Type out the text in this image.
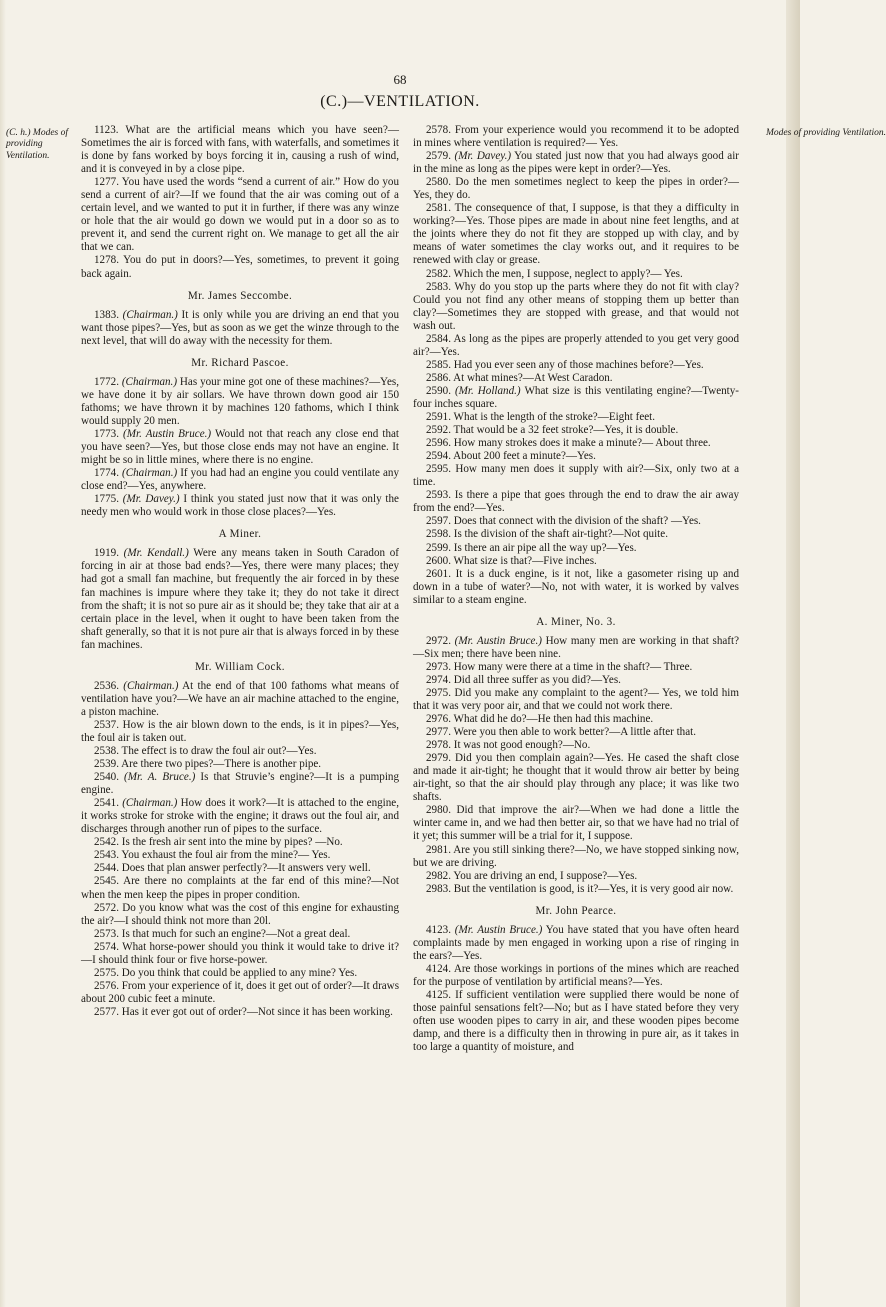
68
(C.)—VENTILATION.
(C. h.) Modes of providing Ventilation.
Modes of providing Ventilation.

1123. What are the artificial means which you have seen?—Sometimes the air is forced with fans, with waterfalls, and sometimes it is done by fans worked by boys forcing it in, causing a rush of wind, and it is conveyed in by a close pipe.

1277. You have used the words “send a current of air.” How do you send a current of air?—If we found that the air was coming out of a certain level, and we wanted to put it in further, if there was any winze or hole that the air would go down we would put in a door so as to prevent it, and send the current right on. We manage to get all the air that we can.

1278. You do put in doors?—Yes, sometimes, to prevent it going back again.

Mr. James Seccombe.

1383. (Chairman.) It is only while you are driving an end that you want those pipes?—Yes, but as soon as we get the winze through to the next level, that will do away with the necessity for them.

Mr. Richard Pascoe.

1772. (Chairman.) Has your mine got one of these machines?—Yes, we have done it by air sollars. We have thrown down good air 150 fathoms; we have thrown it by machines 120 fathoms, which I think would supply 20 men.

1773. (Mr. Austin Bruce.) Would not that reach any close end that you have seen?—Yes, but those close ends may not have an engine. It might be so in little mines, where there is no engine.

1774. (Chairman.) If you had had an engine you could ventilate any close end?—Yes, anywhere.

1775. (Mr. Davey.) I think you stated just now that it was only the needy men who would work in those close places?—Yes.

A Miner.

1919. (Mr. Kendall.) Were any means taken in South Caradon of forcing in air at those bad ends?—Yes, there were many places; they had got a small fan machine, but frequently the air forced in by these fan machines is impure where they take it; they do not take it direct from the shaft; it is not so pure air as it should be; they take that air at a certain place in the level, when it ought to have been taken from the shaft generally, so that it is not pure air that is always forced in by these fan machines.

Mr. William Cock.

2536. (Chairman.) At the end of that 100 fathoms what means of ventilation have you?—We have an air machine attached to the engine, a piston machine.

2537. How is the air blown down to the ends, is it in pipes?—Yes, the foul air is taken out.

2538. The effect is to draw the foul air out?—Yes.

2539. Are there two pipes?—There is another pipe.

2540. (Mr. A. Bruce.) Is that Struvie’s engine?—It is a pumping engine.

2541. (Chairman.) How does it work?—It is attached to the engine, it works stroke for stroke with the engine; it draws out the foul air, and discharges through another run of pipes to the surface.

2542. Is the fresh air sent into the mine by pipes? —No.

2543. You exhaust the foul air from the mine?— Yes.

2544. Does that plan answer perfectly?—It answers very well.

2545. Are there no complaints at the far end of this mine?—Not when the men keep the pipes in proper condition.

2572. Do you know what was the cost of this engine for exhausting the air?—I should think not more than 20l.

2573. Is that much for such an engine?—Not a great deal.

2574. What horse-power should you think it would take to drive it?—I should think four or five horse-power.

2575. Do you think that could be applied to any mine? Yes.

2576. From your experience of it, does it get out of order?—It draws about 200 cubic feet a minute.

2577. Has it ever got out of order?—Not since it has been working.

2578. From your experience would you recommend it to be adopted in mines where ventilation is required?— Yes.

2579. (Mr. Davey.) You stated just now that you had always good air in the mine as long as the pipes were kept in order?—Yes.

2580. Do the men sometimes neglect to keep the pipes in order?—Yes, they do.

2581. The consequence of that, I suppose, is that they a difficulty in working?—Yes. Those pipes are made in about nine feet lengths, and at the joints where they do not fit they are stopped up with clay, and by means of water sometimes the clay works out, and it requires to be renewed with clay or grease.

2582. Which the men, I suppose, neglect to apply?— Yes.

2583. Why do you stop up the parts where they do not fit with clay? Could you not find any other means of stopping them up better than clay?—Sometimes they are stopped with grease, and that would not wash out.

2584. As long as the pipes are properly attended to you get very good air?—Yes.

2585. Had you ever seen any of those machines before?—Yes.

2586. At what mines?—At West Caradon.

2590. (Mr. Holland.) What size is this ventilating engine?—Twenty-four inches square.

2591. What is the length of the stroke?—Eight feet.

2592. That would be a 32 feet stroke?—Yes, it is double.

2596. How many strokes does it make a minute?— About three.

2594. About 200 feet a minute?—Yes.

2595. How many men does it supply with air?—Six, only two at a time.

2593. Is there a pipe that goes through the end to draw the air away from the end?—Yes.

2597. Does that connect with the division of the shaft? —Yes.

2598. Is the division of the shaft air-tight?—Not quite.

2599. Is there an air pipe all the way up?—Yes.

2600. What size is that?—Five inches.

2601. It is a duck engine, is it not, like a gasometer rising up and down in a tube of water?—No, not with water, it is worked by valves similar to a steam engine.

A. Miner, No. 3.

2972. (Mr. Austin Bruce.) How many men are working in that shaft?—Six men; there have been nine.

2973. How many were there at a time in the shaft?— Three.

2974. Did all three suffer as you did?—Yes.

2975. Did you make any complaint to the agent?— Yes, we told him that it was very poor air, and that we could not work there.

2976. What did he do?—He then had this machine.

2977. Were you then able to work better?—A little after that.

2978. It was not good enough?—No.

2979. Did you then complain again?—Yes. He cased the shaft close and made it air-tight; he thought that it would throw air better by being air-tight, so that the air should play through any place; it was like two shafts.

2980. Did that improve the air?—When we had done a little the winter came in, and we had then better air, so that we have had no trial of it yet; this summer will be a trial for it, I suppose.

2981. Are you still sinking there?—No, we have stopped sinking now, but we are driving.

2982. You are driving an end, I suppose?—Yes.

2983. But the ventilation is good, is it?—Yes, it is very good air now.

Mr. John Pearce.

4123. (Mr. Austin Bruce.) You have stated that you have often heard complaints made by men engaged in working upon a rise of ringing in the ears?—Yes.

4124. Are those workings in portions of the mines which are reached for the purpose of ventilation by artificial means?—Yes.

4125. If sufficient ventilation were supplied there would be none of those painful sensations felt?—No; but as I have stated before they very often use wooden pipes to carry in air, and these wooden pipes become damp, and there is a difficulty then in throwing in pure air, as it takes in too large a quantity of moisture, and
